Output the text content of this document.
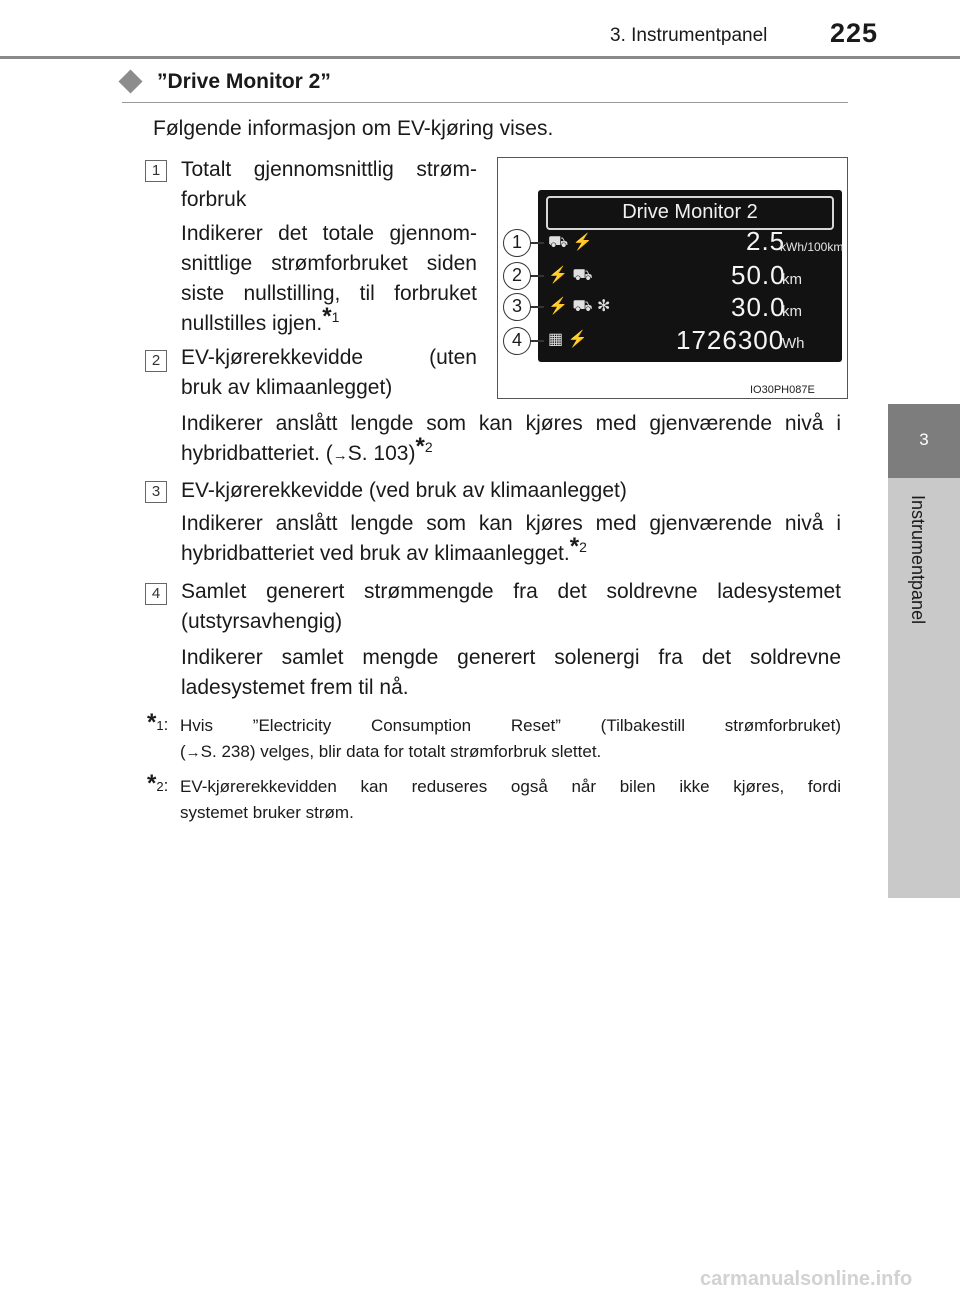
3. Instrumentpanel 225
3
Instrumentpanel
”Drive Monitor 2”
Følgende informasjon om EV-kjøring vises.
1 Totalt gjennomsnittlig strøm-
forbruk
Indikerer det totale gjennom-
snittlige strømforbruket siden
siste nullstilling, til forbruket
nullstilles igjen.$^{*1}$
2 EV-kjørerekkevidde	(uten
bruk av klimaanlegget)
Indikerer anslått lengde som kan kjøres med gjenværende nivå i
hybridbatteriet. (→S. 103)$^{*2}$
3 EV-kjørerekkevidde (ved bruk av klimaanlegget)
Indikerer anslått lengde som kan kjøres med gjenværende nivå i
hybridbatteriet ved bruk av klimaanlegget.$^{*2}$
4 Samlet generert strømmengde fra det soldrevne ladesystemet
(utstyrsavhengig)
Indikerer samlet mengde generert solenergi fra det soldrevne
ladesystemet frem til nå.
Drive Monitor 2
1	⛟ ⚡	2.5
kWh/100km
2	⚡ ⛟	50.0
km
3	⚡ ⛟ ✻	30.0
km
4	▦ ⚡	1726300
Wh
IO30PH087E
*1: Hvis ”Electricity Consumption Reset” (Tilbakestill strømforbruket)
(→S. 238) velges, blir data for totalt strømforbruk slettet.
*2: EV-kjørerekkevidden kan reduseres også når bilen ikke kjøres, fordi
systemet bruker strøm.
carmanualsonline.info
